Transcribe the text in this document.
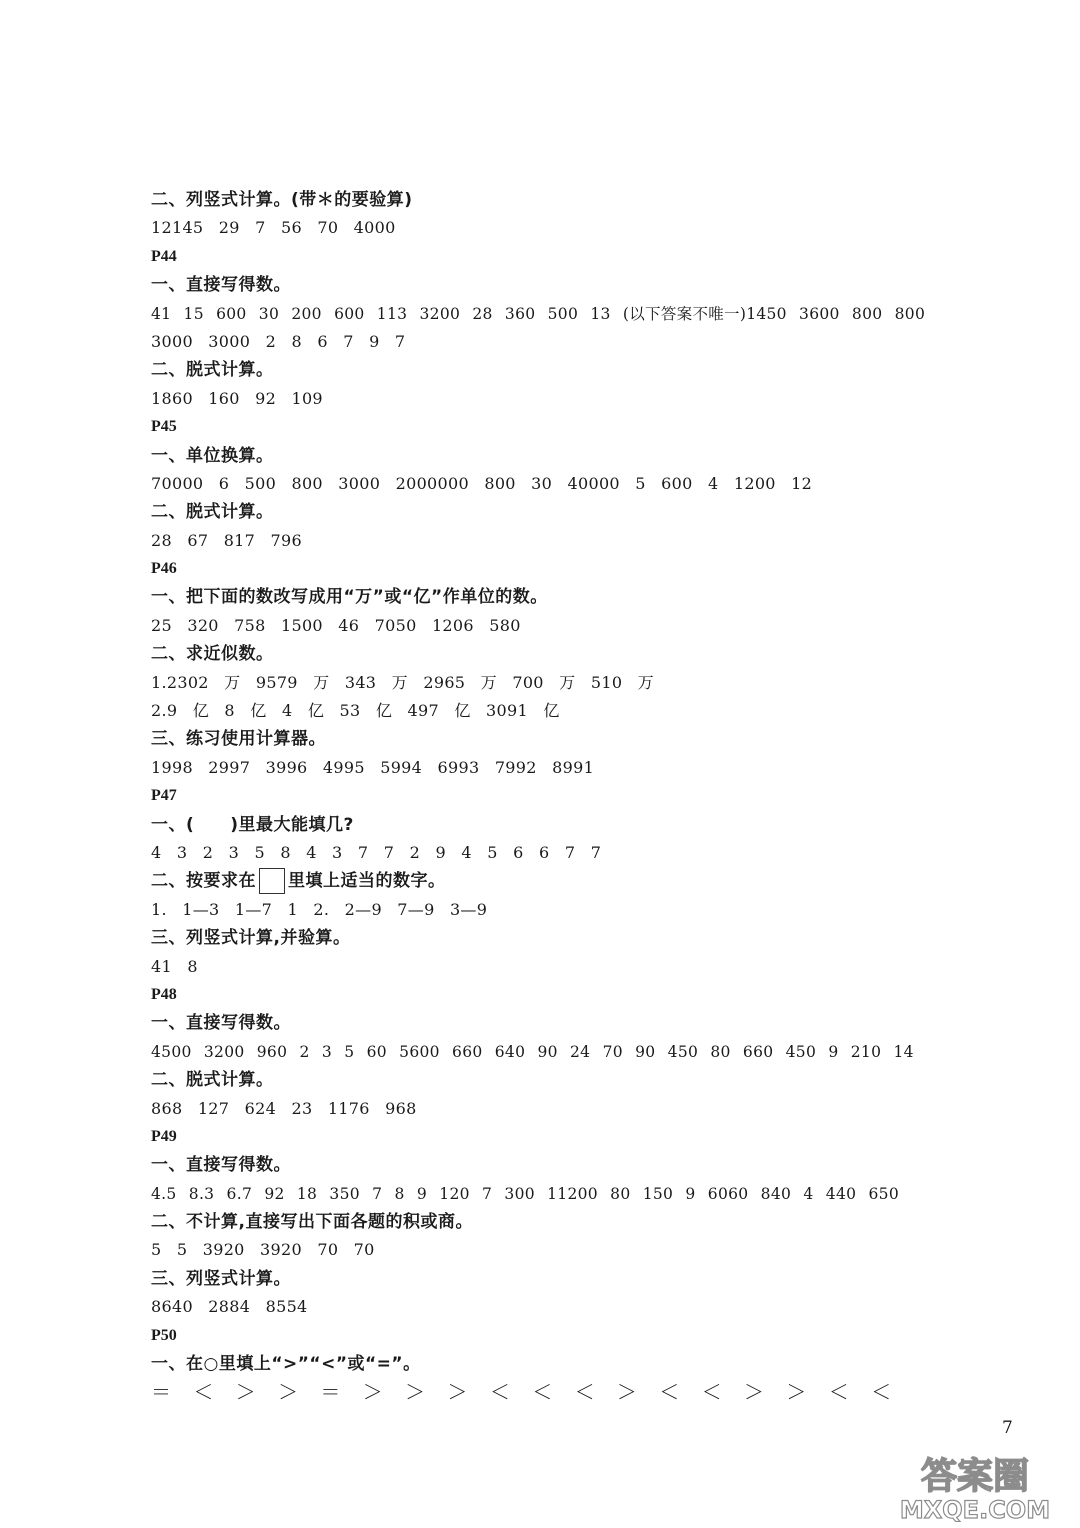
二、列竖式计算。(带＊的要验算)
12145 29 7 56 70 4000
P44
一、直接写得数。
41 15 600 30 200 600 113 3200 28 360 500 13 (以下答案不唯一)1450 3600 800 800
3000 3000 2 8 6 7 9 7
二、脱式计算。
1860 160 92 109
P45
一、单位换算。
70000 6 500 800 3000 2000000 800 30 40000 5 600 4 1200 12
二、脱式计算。
28 67 817 796
P46
一、把下面的数改写成用“万”或“亿”作单位的数。
25 320 758 1500 46 7050 1206 580
二、求近似数。
1.2302 万 9579 万 343 万 2965 万 700 万 510 万
2.9 亿 8 亿 4 亿 53 亿 497 亿 3091 亿
三、练习使用计算器。
1998 2997 3996 4995 5994 6993 7992 8991
P47
一、( )里最大能填几?
4 3 2 3 5 8 4 3 7 7 2 9 4 5 6 6 7 7
二、按要求在 里填上适当的数字。
1. 1—3 1—7 1 2. 2—9 7—9 3—9
三、列竖式计算,并验算。
41 8
P48
一、直接写得数。
4500 3200 960 2 3 5 60 5600 660 640 90 24 70 90 450 80 660 450 9 210 14
二、脱式计算。
868 127 624 23 1176 968
P49
一、直接写得数。
4.5 8.3 6.7 92 18 350 7 8 9 120 7 300 11200 80 150 9 6060 840 4 440 650
二、不计算,直接写出下面各题的积或商。
5 5 3920 3920 70 70
三、列竖式计算。
8640 2884 8554
P50
一、在○里填上“>”“<”或“=”。
＝ ＜ ＞ ＞ ＝ ＞ ＞ ＞ ＜ ＜ ＜ ＞ ＜ ＜ ＞ ＞ ＜ ＜
7
答案圈
MXQE.COM
